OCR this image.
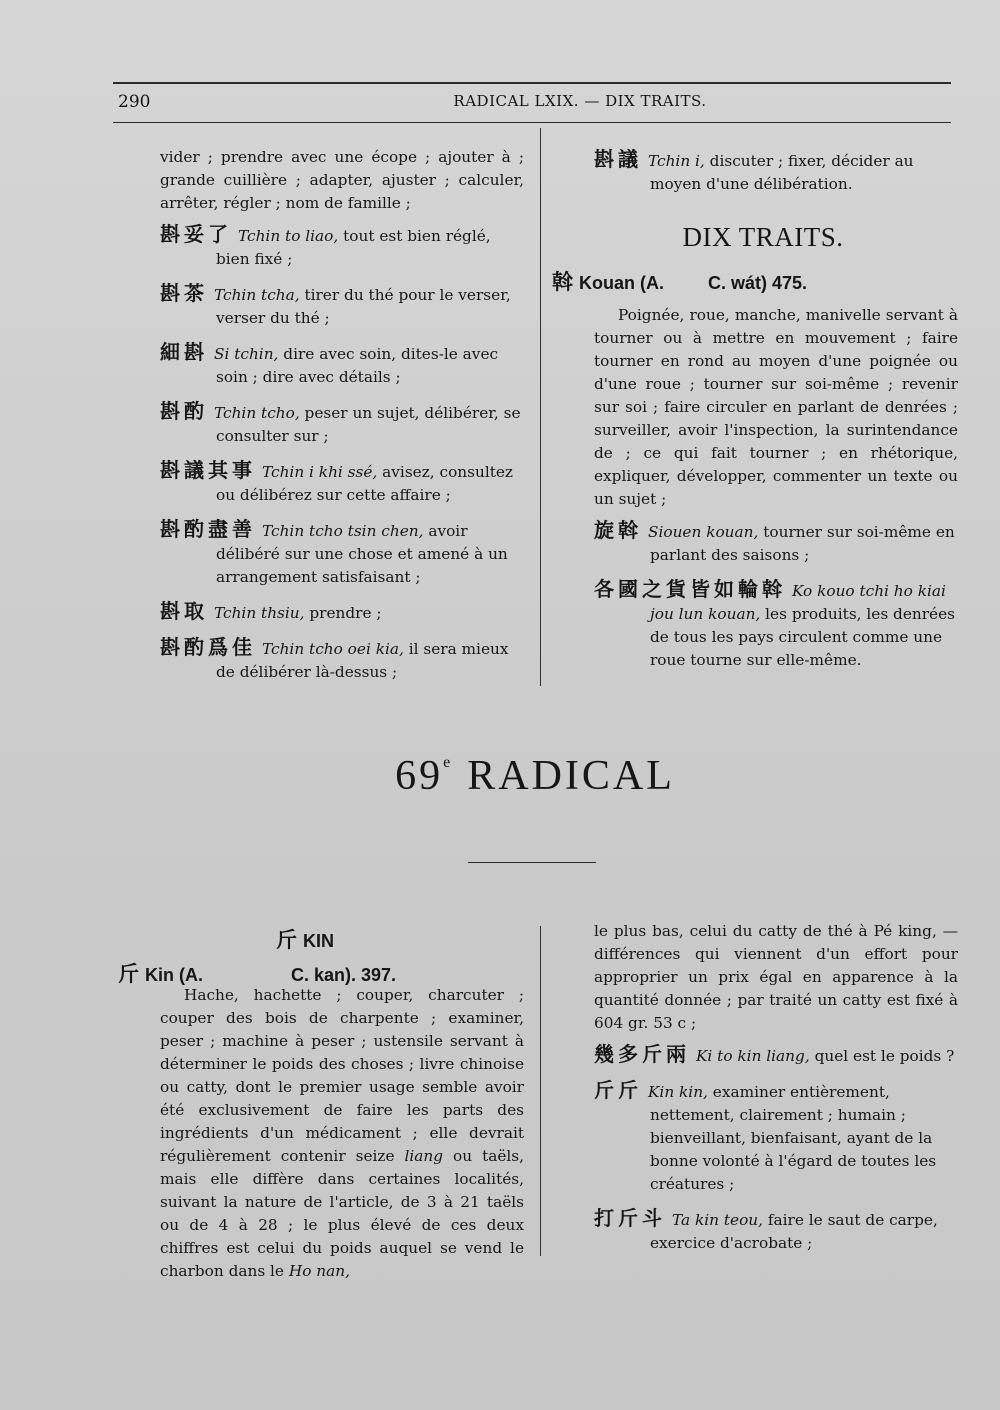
290	RADICAL LXIX. — DIX TRAITS.

vider ; prendre avec une écope ; ajouter à ; grande cuillière ; adapter, ajuster ; calculer, arrêter, régler ; nom de famille ;

斟妥了 Tchin to liao, tout est bien réglé, bien fixé ;

斟茶 Tchin tcha, tirer du thé pour le verser, verser du thé ;

細斟 Si tchin, dire avec soin, dites-le avec soin ; dire avec détails ;

斟酌 Tchin tcho, peser un sujet, délibérer, se consulter sur ;

斟議其事 Tchin i khi ssé, avisez, consultez ou délibérez sur cette affaire ;

斟酌盡善 Tchin tcho tsin chen, avoir délibéré sur une chose et amené à un arrangement satisfaisant ;

斟取 Tchin thsiu, prendre ;

斟酌爲佳 Tchin tcho oei kia, il sera mieux de délibérer là-dessus ;

斟議 Tchin i, discuter ; fixer, décider au moyen d'une délibération.

DIX TRAITS.
斡 Kouan (A. C. wát) 475.

Poignée, roue, manche, manivelle servant à tourner ou à mettre en mouvement ; faire tourner en rond au moyen d'une poignée ou d'une roue ; tourner sur soi-même ; revenir sur soi ; faire circuler en parlant de denrées ; surveiller, avoir l'inspection, la surintendance de ; ce qui fait tourner ; en rhétorique, expliquer, développer, commenter un texte ou un sujet ;

旋斡 Siouen kouan, tourner sur soi-même en parlant des saisons ;

各國之貨皆如輪斡 Ko kouo tchi ho kiai jou lun kouan, les produits, les denrées de tous les pays circulent comme une roue tourne sur elle-même.

69e RADICAL
斤 KIN
斤 Kin (A.	C. kan). 397.

Hache, hachette ; couper, charcuter ; couper des bois de charpente ; examiner, peser ; machine à peser ; ustensile servant à déterminer le poids des choses ; livre chinoise ou catty, dont le premier usage semble avoir été exclusivement de faire les parts des ingrédients d'un médicament ; elle devrait régulièrement contenir seize liang ou taëls, mais elle diffère dans certaines localités, suivant la nature de l'article, de 3 à 21 taëls ou de 4 à 28 ; le plus élevé de ces deux chiffres est celui du poids auquel se vend le charbon dans le Ho nan,

le plus bas, celui du catty de thé à Pé king, — différences qui viennent d'un effort pour approprier un prix égal en apparence à la quantité donnée ; par traité un catty est fixé à 604 gr. 53 c ;

幾多斤兩 Ki to kin liang, quel est le poids ?

斤斤 Kin kin, examiner entièrement, nettement, clairement ; humain ; bienveillant, bienfaisant, ayant de la bonne volonté à l'égard de toutes les créatures ;

打斤斗 Ta kin teou, faire le saut de carpe, exercice d'acrobate ;
